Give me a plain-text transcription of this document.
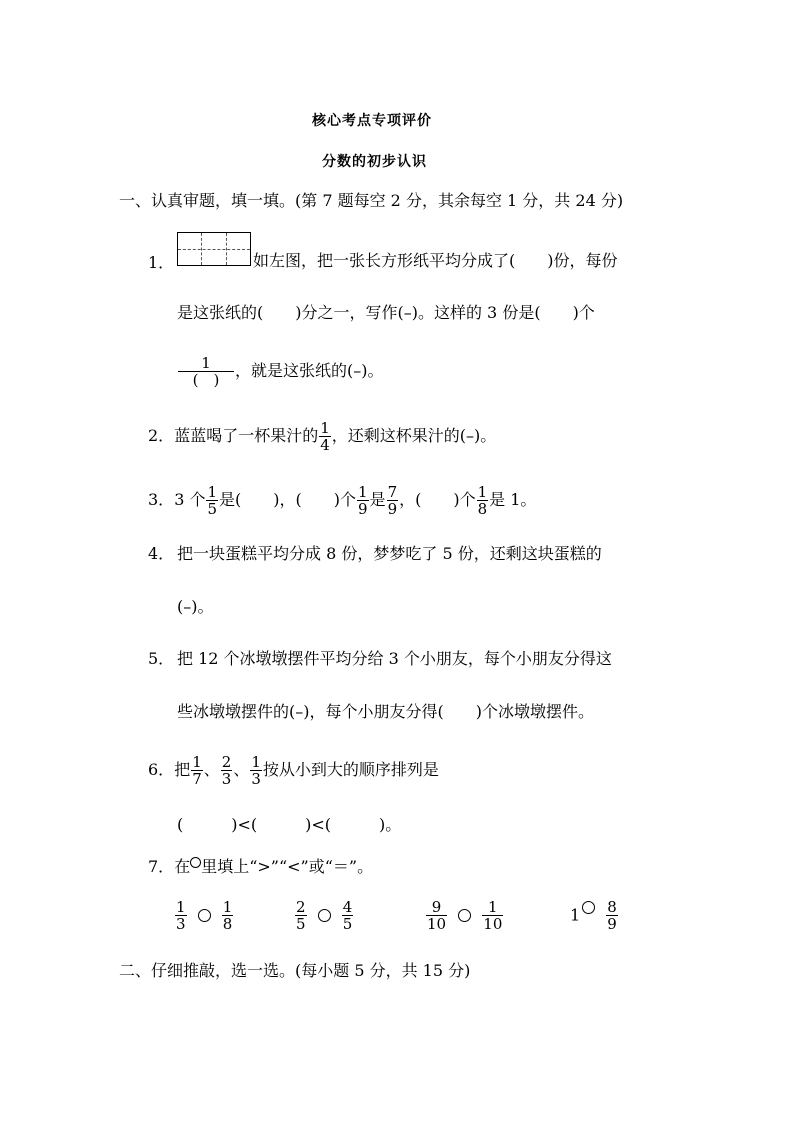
核心考点专项评价
分数的初步认识
一、认真审题，填一填。(第 7 题每空 2 分，其余每空 1 分，共 24 分)
1．	如左图，把一张长方形纸平均分成了(　　)份，每份
是这张纸的(　　)分之一，写作(–)。这样的 3 份是(　　)个
$\frac{1}{( )}$ ，就是这张纸的(–)。
2．蓝蓝喝了一杯果汁的 $\frac{1}{4}$ ，还剩这杯果汁的(–)。
3．3 个 $\frac{1}{5}$ 是(　　)，(　　)个 $\frac{1}{9}$ 是 $\frac{7}{9}$ ，(　　)个 $\frac{1}{8}$ 是 1。
4． 把一块蛋糕平均分成 8 份，梦梦吃了 5 份，还剩这块蛋糕的
(–)。
5． 把 12 个冰墩墩摆件平均分给 3 个小朋友，每个小朋友分得这
些冰墩墩摆件的(–)，每个小朋友分得(　　)个冰墩墩摆件。
6．把 $\frac{1}{7}$ 、 $\frac{2}{3}$ 、 $\frac{1}{3}$ 按从小到大的顺序排列是
(　　　)<(　　　)<(　　　)。
7．在 里填上“>”“<”或“＝”。
$\frac{1}{3}$
$\frac{1}{8}$	$\frac{2}{5}$
$\frac{4}{5}$	$\frac{9}{10}$
$\frac{1}{10}$	$1 \frac{8}{9}$
二、仔细推敲，选一选。(每小题 5 分，共 15 分)
